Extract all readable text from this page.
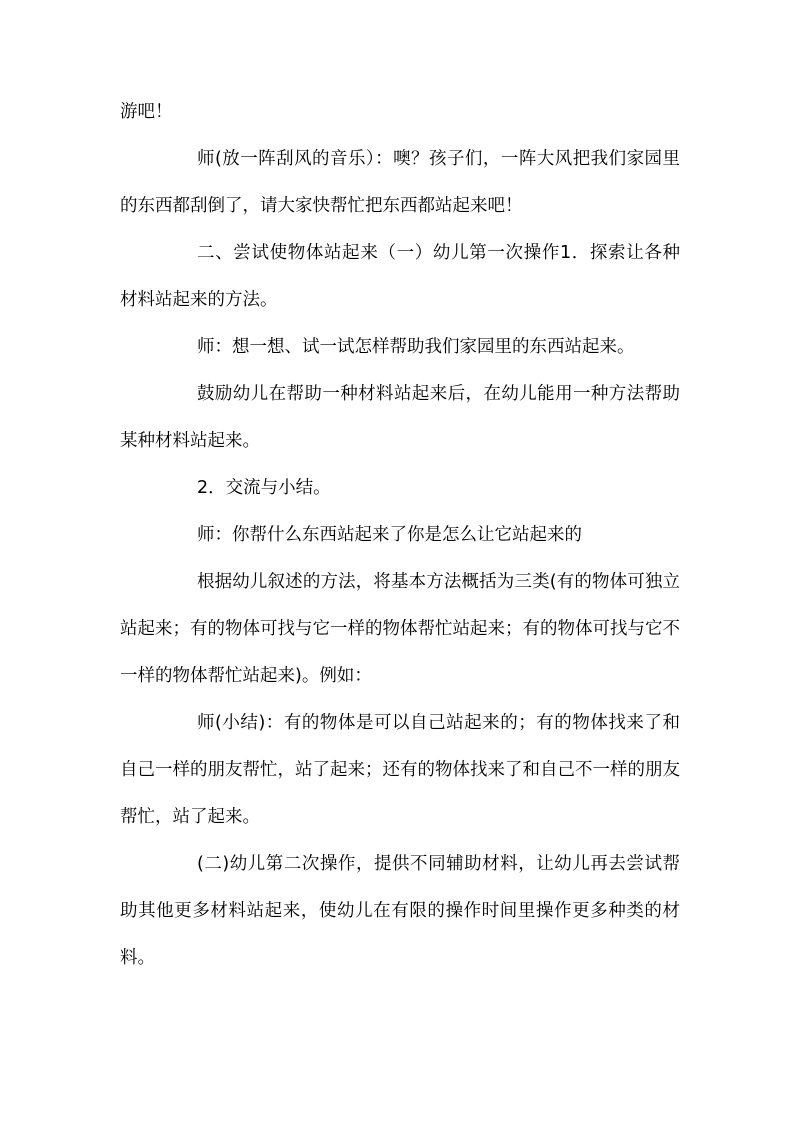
游吧！

师(放一阵刮风的音乐）：噢？孩子们，一阵大风把我们家园里的东西都刮倒了，请大家快帮忙把东西都站起来吧！

二、尝试使物体站起来（一）幼儿第一次操作1．探索让各种材料站起来的方法。

师：想一想、试一试怎样帮助我们家园里的东西站起来。

鼓励幼儿在帮助一种材料站起来后，在幼儿能用一种方法帮助某种材料站起来。

2．交流与小结。

师：你帮什么东西站起来了你是怎么让它站起来的

根据幼儿叙述的方法，将基本方法概括为三类(有的物体可独立站起来；有的物体可找与它一样的物体帮忙站起来；有的物体可找与它不一样的物体帮忙站起来)。例如：

师(小结)：有的物体是可以自己站起来的；有的物体找来了和自己一样的朋友帮忙，站了起来；还有的物体找来了和自己不一样的朋友帮忙，站了起来。

(二)幼儿第二次操作，提供不同辅助材料，让幼儿再去尝试帮助其他更多材料站起来，使幼儿在有限的操作时间里操作更多种类的材料。
